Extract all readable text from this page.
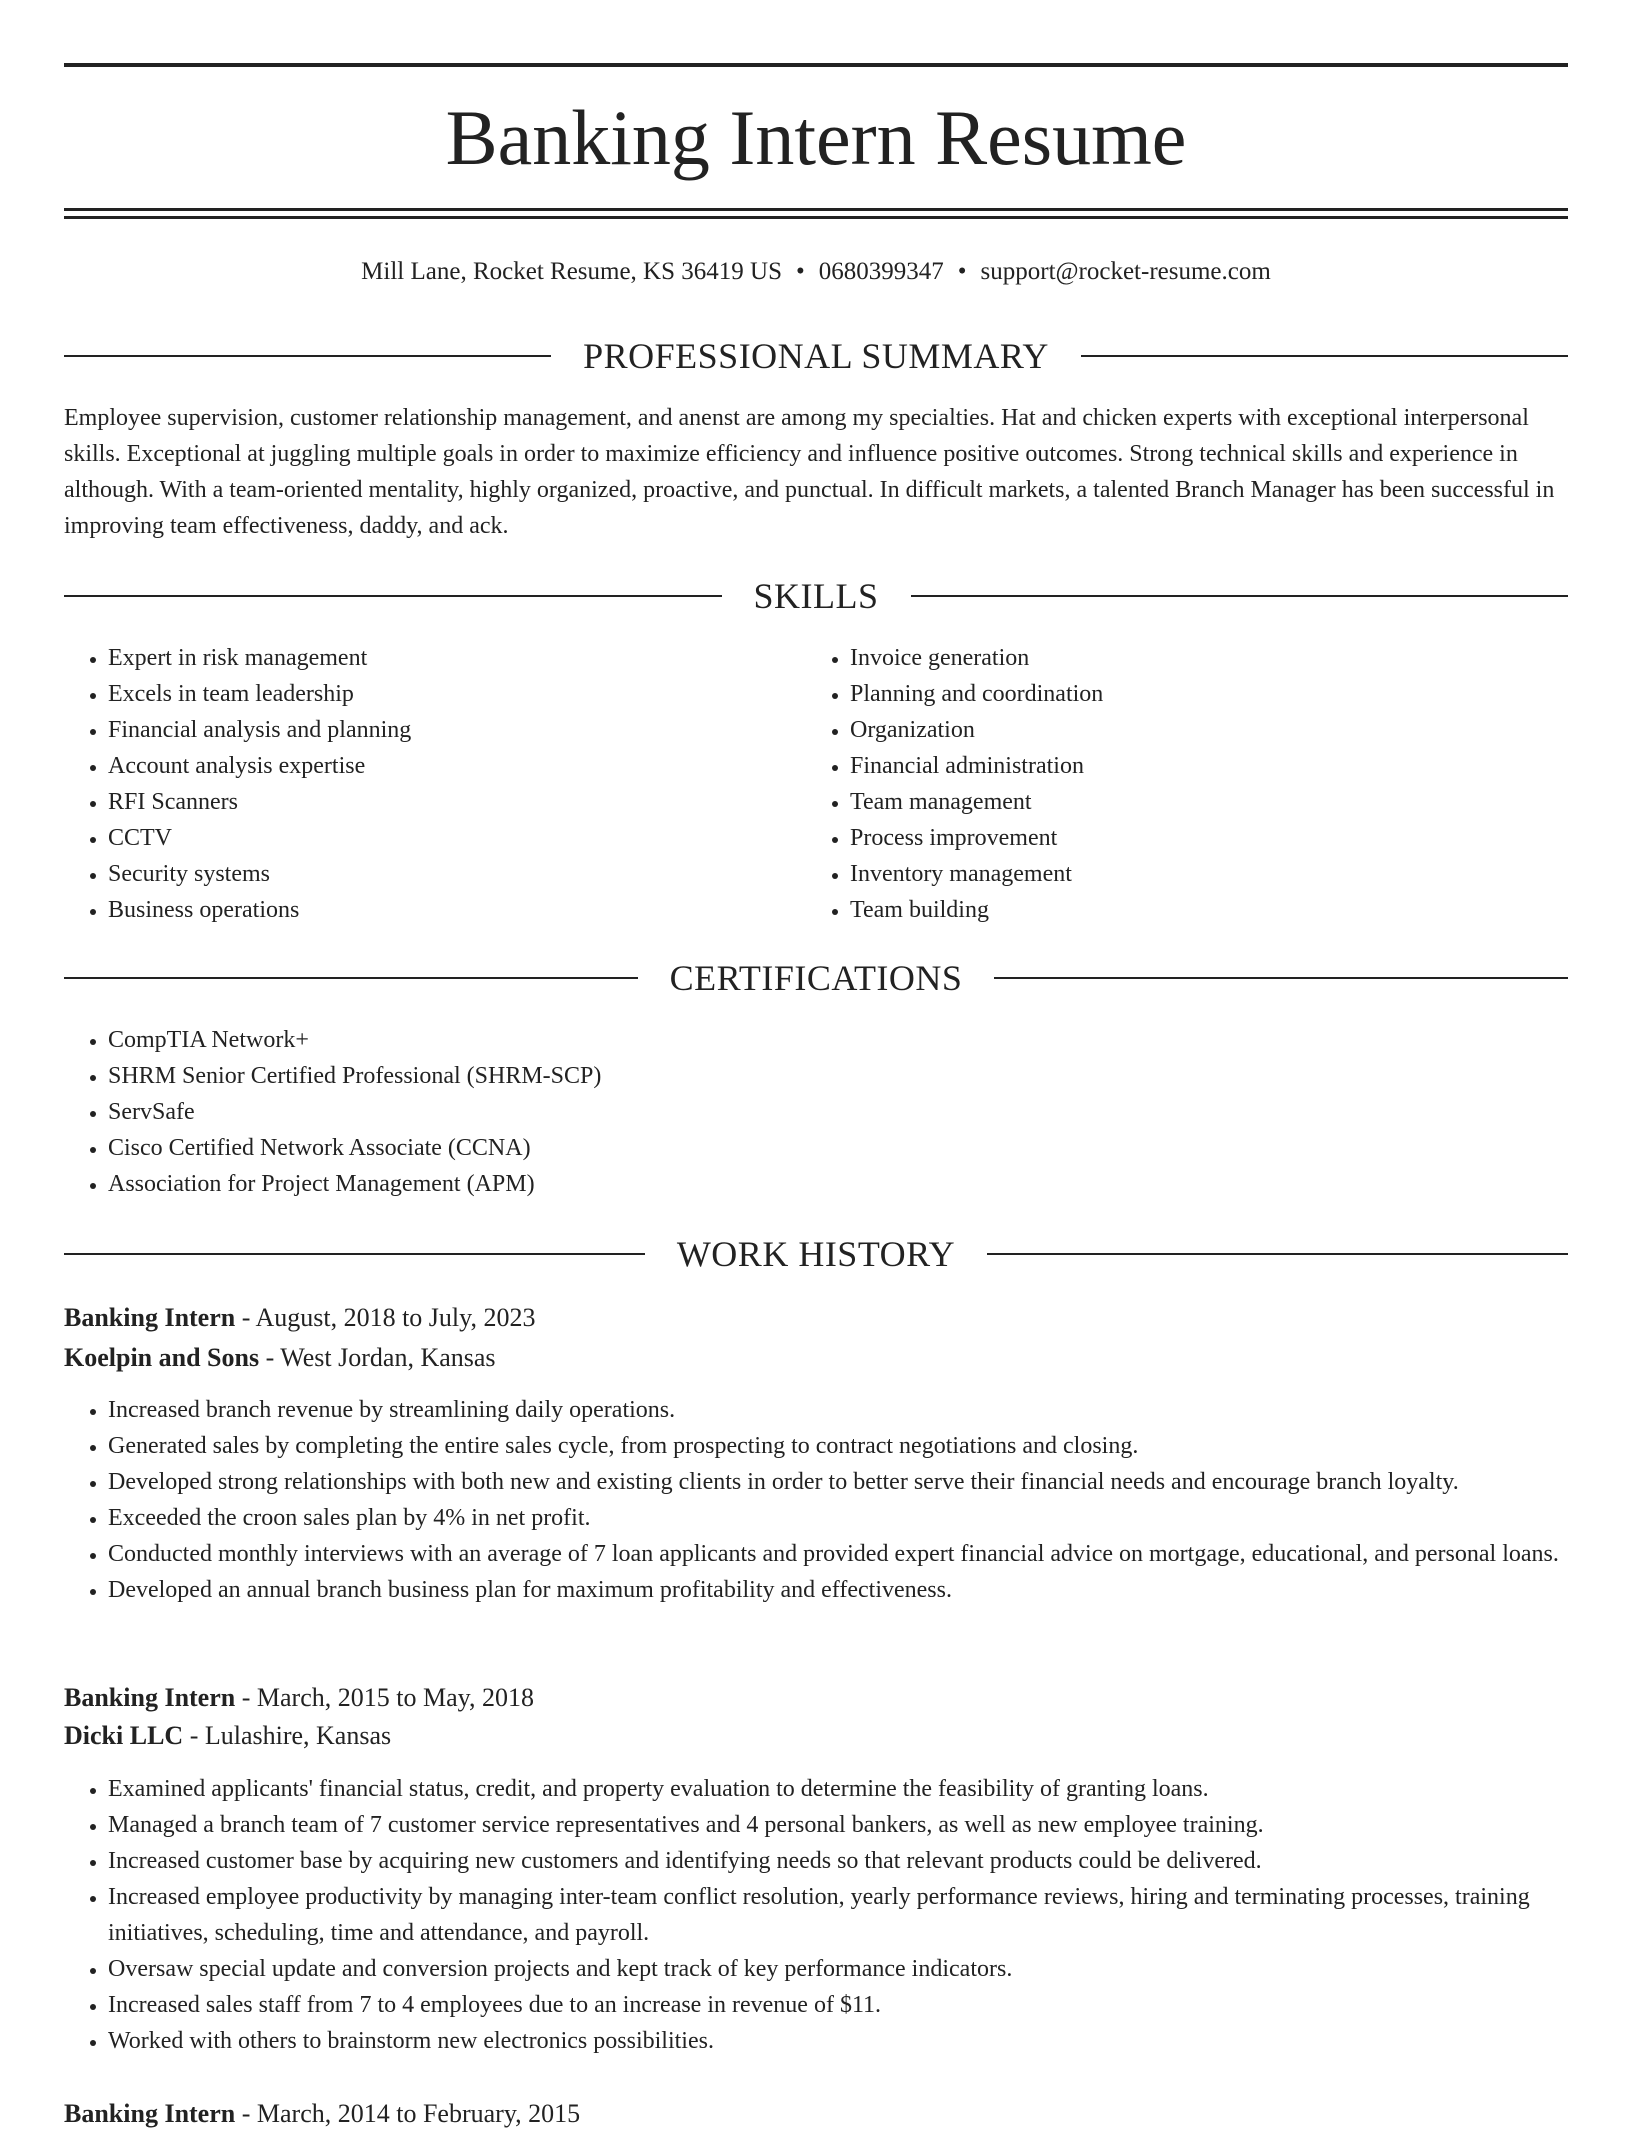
Banking Intern Resume
Mill Lane, Rocket Resume, KS 36419 US • 0680399347 • support@rocket-resume.com
PROFESSIONAL SUMMARY

Employee supervision, customer relationship management, and anenst are among my specialties. Hat and chicken experts with exceptional interpersonal skills. Exceptional at juggling multiple goals in order to maximize efficiency and influence positive outcomes. Strong technical skills and experience in although. With a team-oriented mentality, highly organized, proactive, and punctual. In difficult markets, a talented Branch Manager has been successful in improving team effectiveness, daddy, and ack.

SKILLS
• Expert in risk management
• Excels in team leadership
• Financial analysis and planning
• Account analysis expertise
• RFI Scanners
• CCTV
• Security systems
• Business operations
• Invoice generation
• Planning and coordination
• Organization
• Financial administration
• Team management
• Process improvement
• Inventory management
• Team building
CERTIFICATIONS
• CompTIA Network+
• SHRM Senior Certified Professional (SHRM-SCP)
• ServSafe
• Cisco Certified Network Associate (CCNA)
• Association for Project Management (APM)
WORK HISTORY
Banking Intern - August, 2018 to July, 2023
Koelpin and Sons - West Jordan, Kansas
• Increased branch revenue by streamlining daily operations.
• Generated sales by completing the entire sales cycle, from prospecting to contract negotiations and closing.
• Developed strong relationships with both new and existing clients in order to better serve their financial needs and encourage branch loyalty.
• Exceeded the croon sales plan by 4% in net profit.
• Conducted monthly interviews with an average of 7 loan applicants and provided expert financial advice on mortgage, educational, and personal loans.
• Developed an annual branch business plan for maximum profitability and effectiveness.
Banking Intern - March, 2015 to May, 2018
Dicki LLC - Lulashire, Kansas
• Examined applicants' financial status, credit, and property evaluation to determine the feasibility of granting loans.
• Managed a branch team of 7 customer service representatives and 4 personal bankers, as well as new employee training.
• Increased customer base by acquiring new customers and identifying needs so that relevant products could be delivered.
• Increased employee productivity by managing inter-team conflict resolution, yearly performance reviews, hiring and terminating processes, training initiatives, scheduling, time and attendance, and payroll.
• Oversaw special update and conversion projects and kept track of key performance indicators.
• Increased sales staff from 7 to 4 employees due to an increase in revenue of $11.
• Worked with others to brainstorm new electronics possibilities.
Banking Intern - March, 2014 to February, 2015
